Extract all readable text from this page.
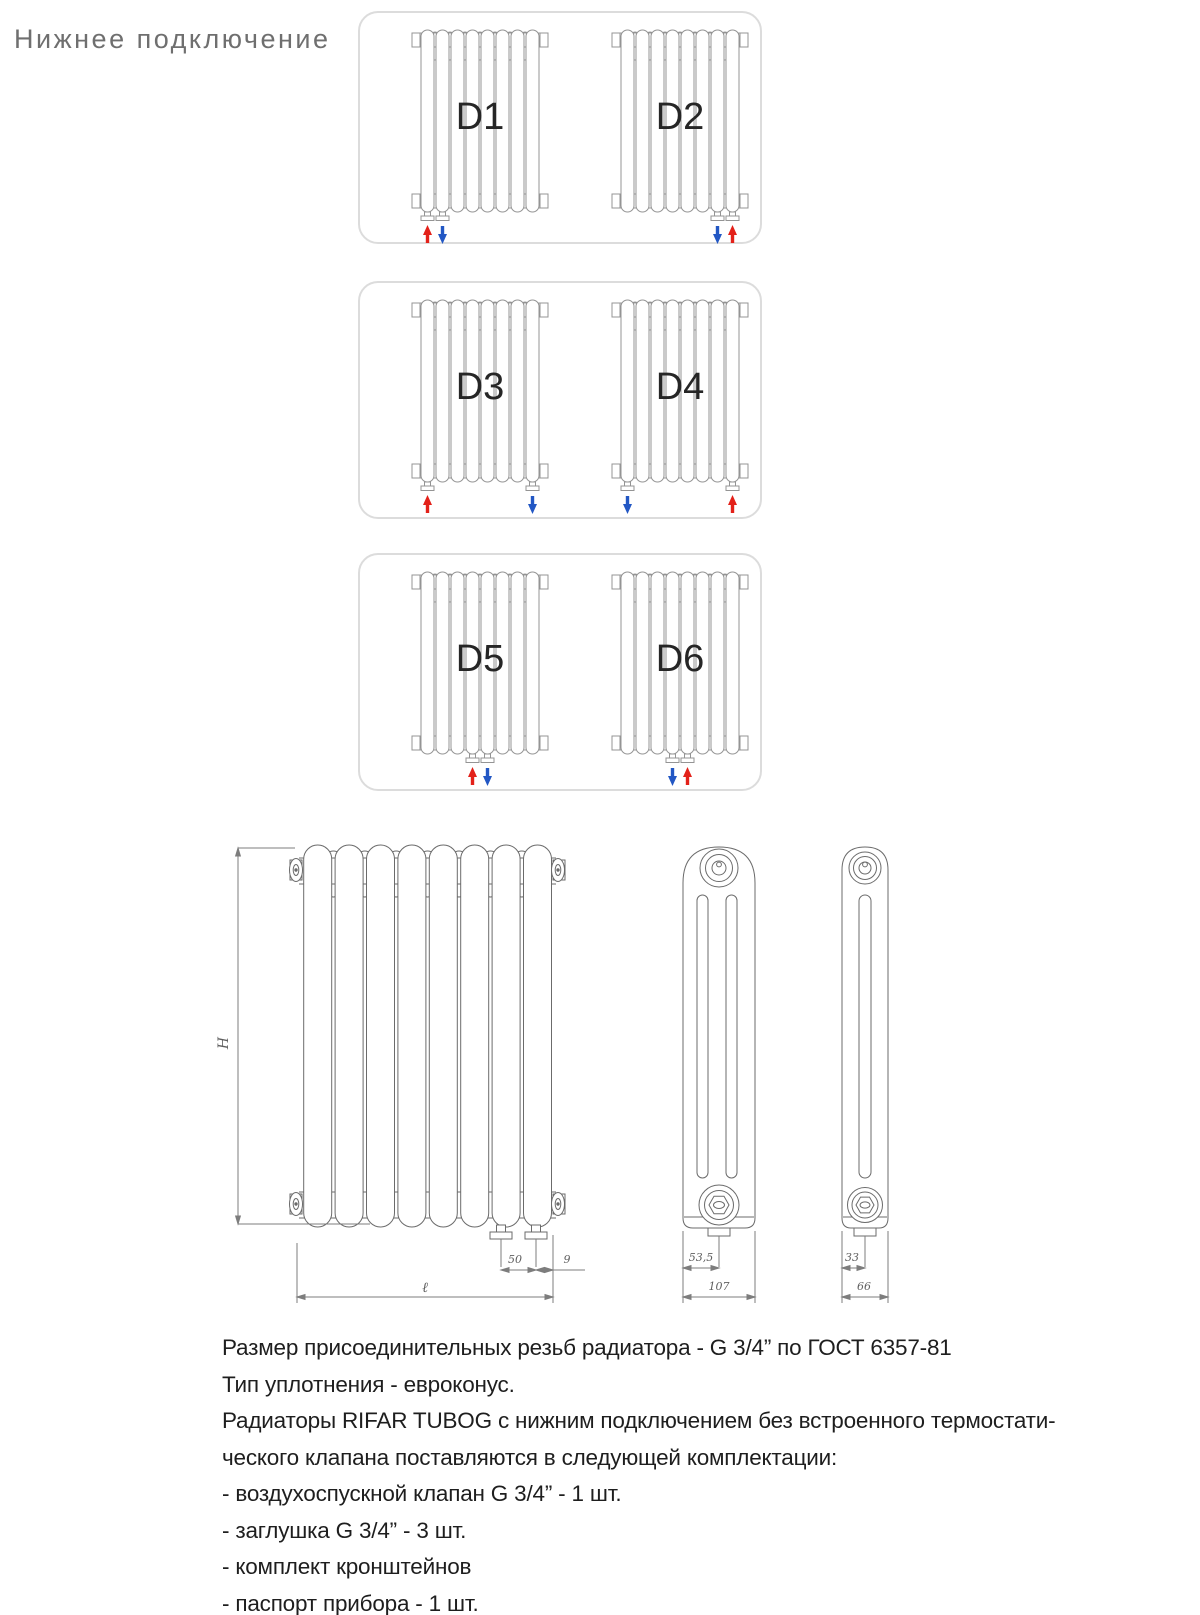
Нижнее подключение
D1	D2
D3	D4
D5	D6
H
50	9
ℓ
53,5
107
33
66
Размер присоединительных резьб радиатора - G 3/4” по ГОСТ 6357-81
Тип уплотнения - евроконус.
Радиаторы RIFAR TUBOG с нижним подключением без встроенного термостати-
ческого клапана поставляются в следующей комплектации:
- воздухоспускной клапан G 3/4” - 1 шт.
- заглушка G 3/4” - 3 шт.
- комплект кронштейнов
- паспорт прибора - 1 шт.
